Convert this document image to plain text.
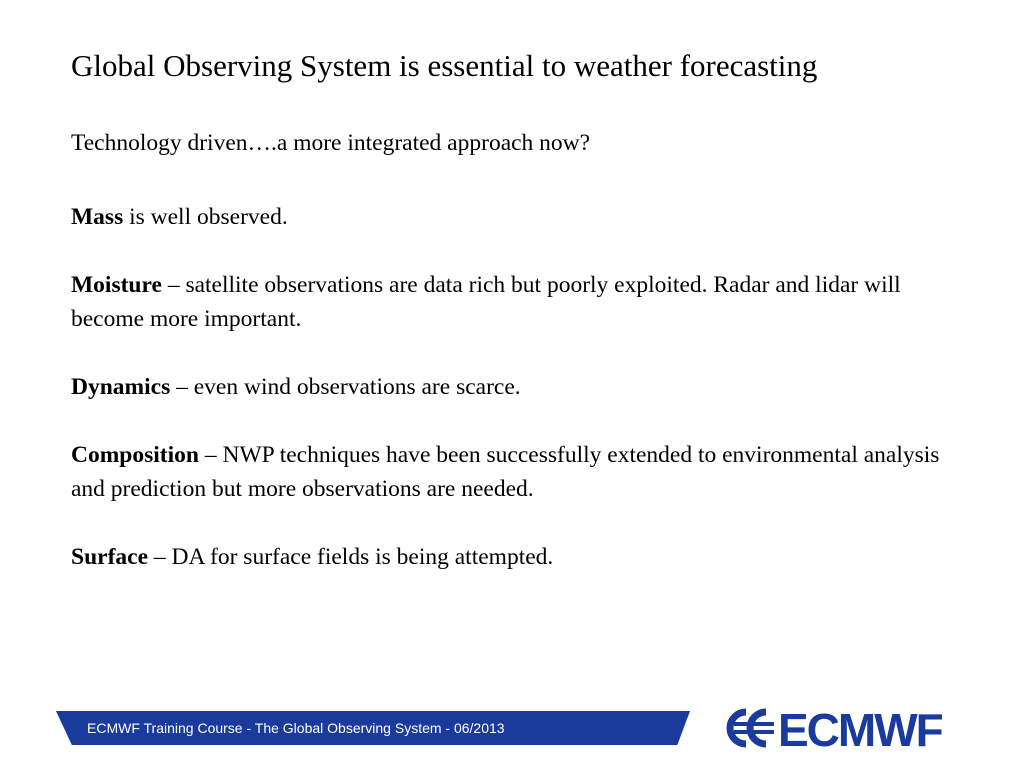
Global Observing System is essential to weather forecasting
Technology driven….a more integrated approach now?

Mass is well observed.

Moisture – satellite observations are data rich but poorly exploited. Radar and lidar will become more important.

Dynamics – even wind observations are scarce.

Composition – NWP techniques have been successfully extended to environmental analysis and prediction but more observations are needed.

Surface – DA for surface fields is being attempted.

ECMWF Training Course - The Global Observing System - 06/2013	ECMWF
